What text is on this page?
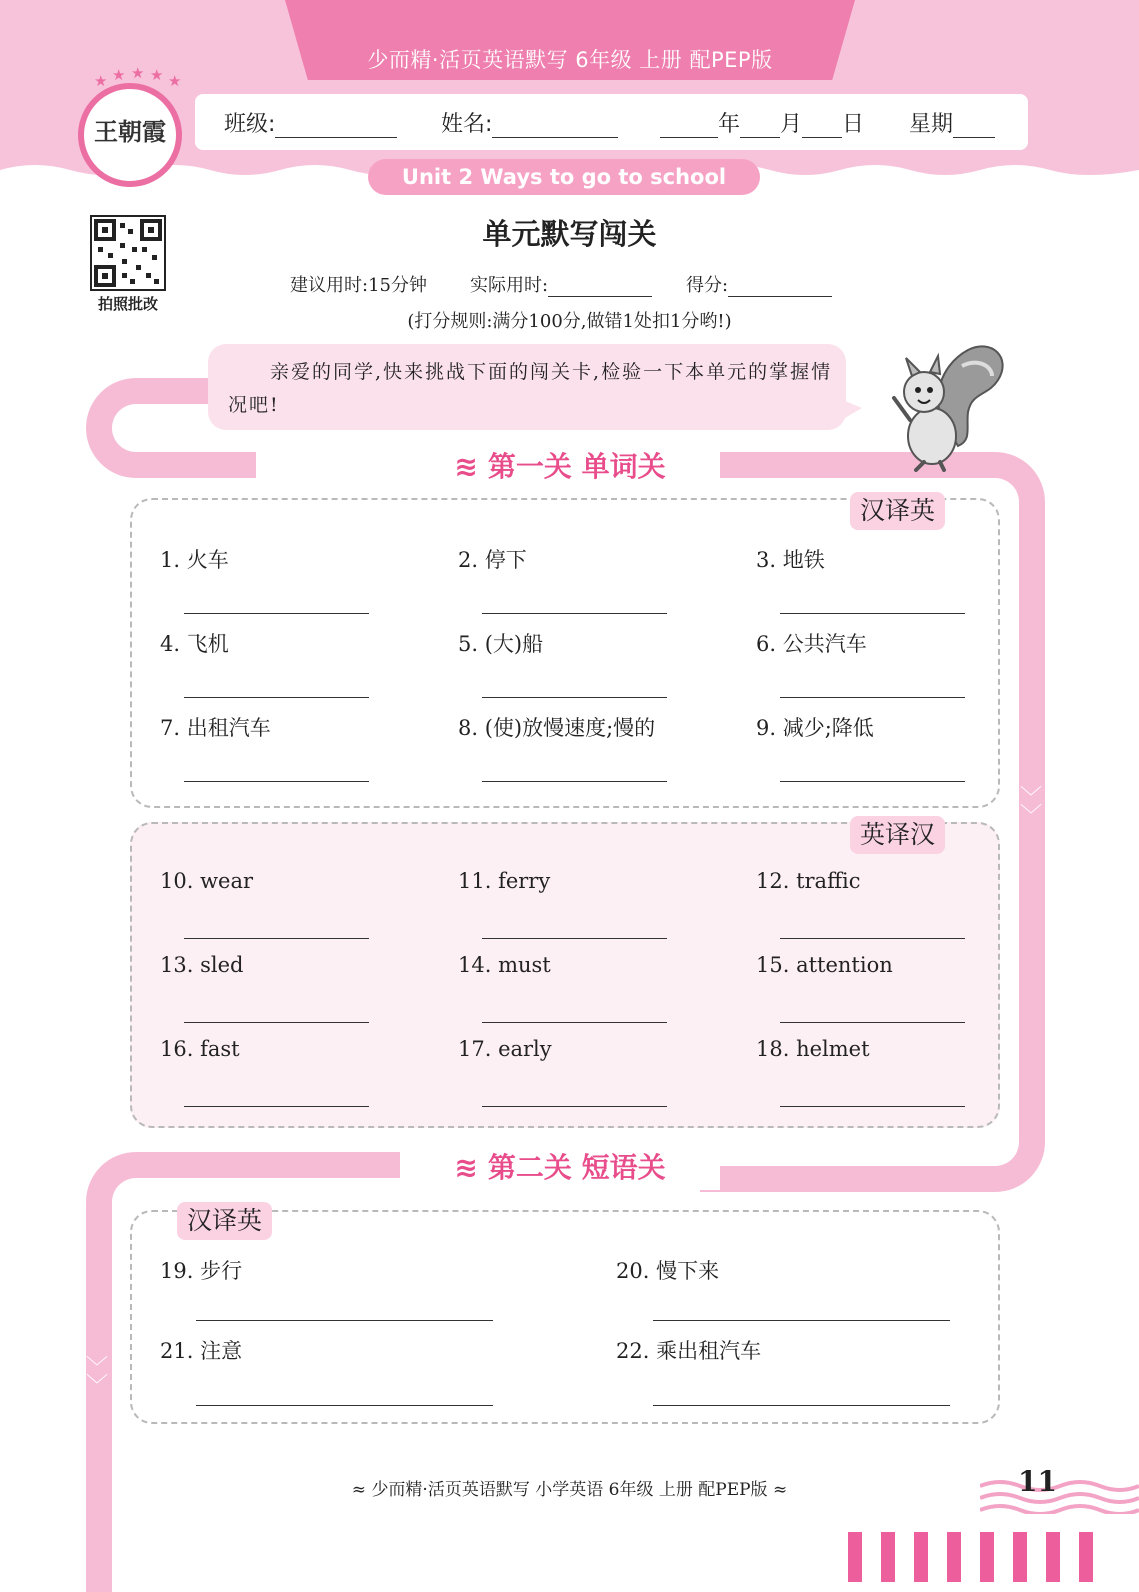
少而精·活页英语默写 6年级 上册 配PEP版
★ ★ ★ ★ ★
王朝霞	班级:	姓名:	年 月 日 星期
Unit 2 Ways to go to school
拍照批改
单元默写闯关
建议用时:15分钟 实际用时:	得分:
(打分规则:满分100分,做错1处扣1分哟!)
﹀
﹀
﹀
﹀
亲爱的同学,快来挑战下面的闯关卡,检验一下本单元的掌握情况吧!
≋ 第一关 单词关
汉译英
英译汉
1. 火车	2. 停下	3. 地铁
4. 飞机	5. (大)船	6. 公共汽车
7. 出租汽车	8. (使)放慢速度;慢的	9. 减少;降低
10. wear	11. ferry	12. traffic
13. sled	14. must	15. attention
16. fast	17. early	18. helmet
≋ 第二关 短语关
汉译英
19. 步行	20. 慢下来
21. 注意	22. 乘出租汽车
≈ 少而精·活页英语默写 小学英语 6年级 上册 配PEP版 ≈	11
